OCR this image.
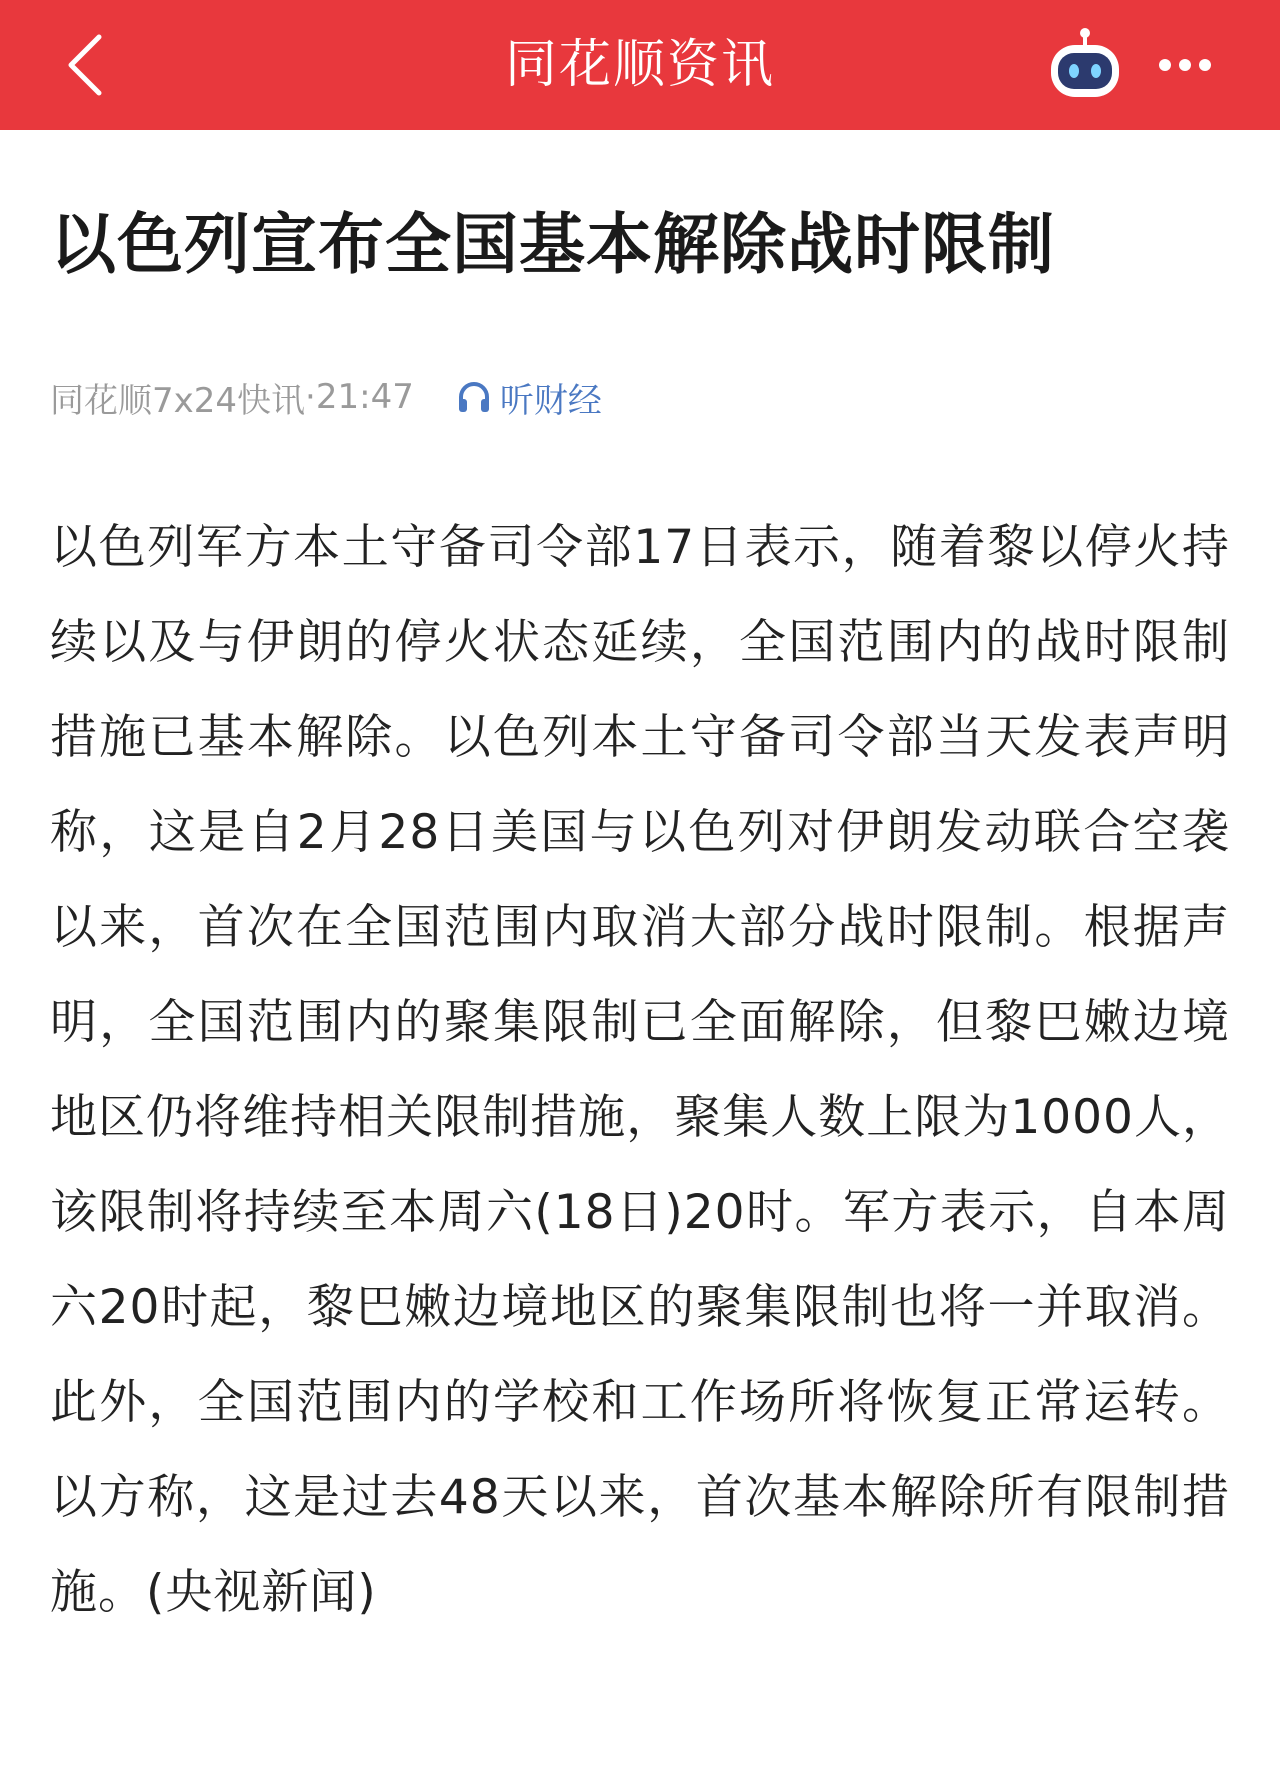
同花顺资讯
以色列宣布全国基本解除战时限制
同花顺7x24快讯 · 21:47	听财经

以色列军方本土守备司令部17日表示，随着黎以停火持续以及与伊朗的停火状态延续，全国范围内的战时限制措施已基本解除。以色列本土守备司令部当天发表声明称，这是自2月28日美国与以色列对伊朗发动联合空袭以来，首次在全国范围内取消大部分战时限制。根据声明，全国范围内的聚集限制已全面解除，但黎巴嫩边境地区仍将维持相关限制措施，聚集人数上限为1000人，该限制将持续至本周六(18日)20时。军方表示，自本周六20时起，黎巴嫩边境地区的聚集限制也将一并取消。此外，全国范围内的学校和工作场所将恢复正常运转。以方称，这是过去48天以来，首次基本解除所有限制措施。(央视新闻)
